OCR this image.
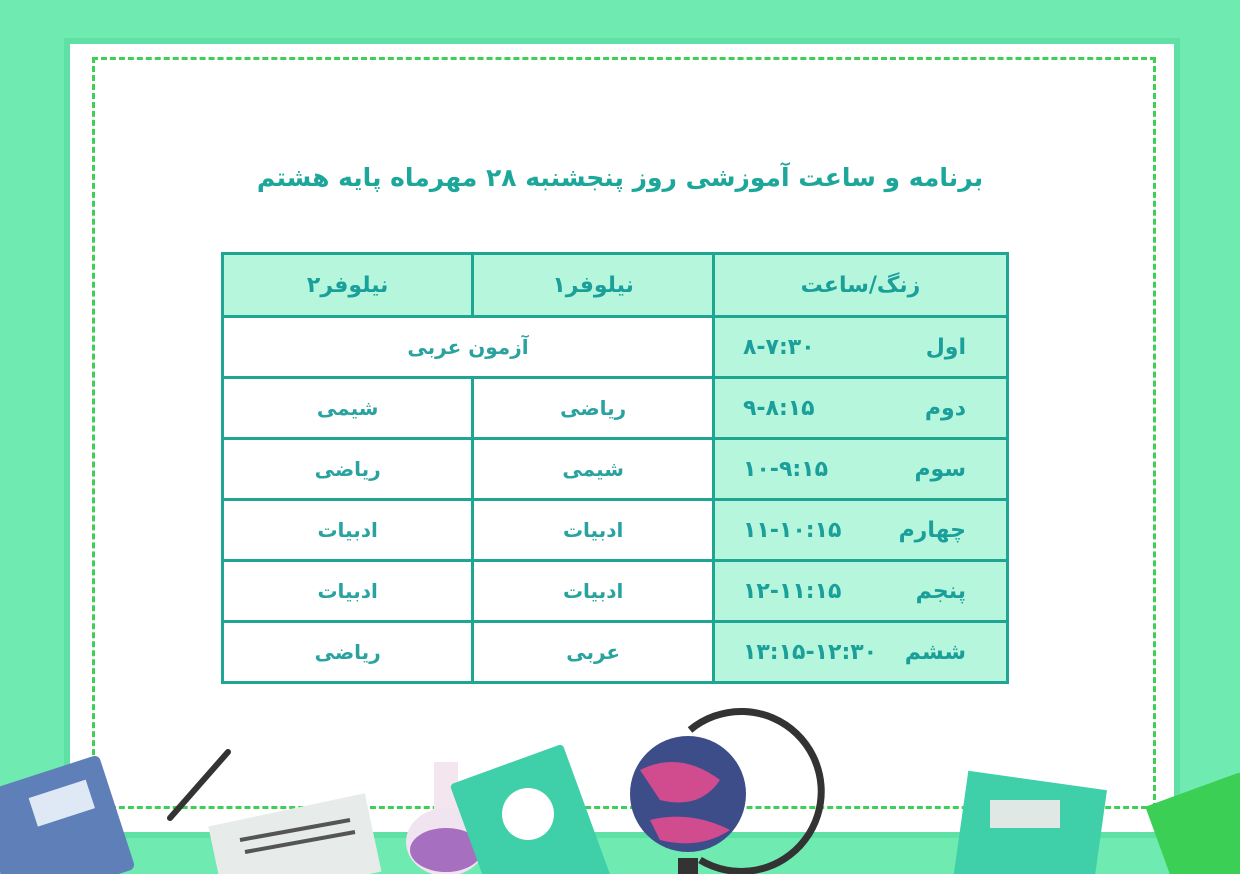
برنامه و ساعت آموزشی روز پنجشنبه ۲۸ مهرماه پایه هشتم
زنگ/ساعت	نیلوفر۱	نیلوفر۲

اول
۸-۷:۳۰	آزمون عربی	

دوم
۹-۸:۱۵	ریاضی	شیمی

سوم
۱۰-۹:۱۵	شیمی	ریاضی

چهارم
۱۱-۱۰:۱۵	ادبیات	ادبیات

پنجم
۱۲-۱۱:۱۵	ادبیات	ادبیات

ششم
۱۳:۱۵-۱۲:۳۰	عربی	ریاضی
